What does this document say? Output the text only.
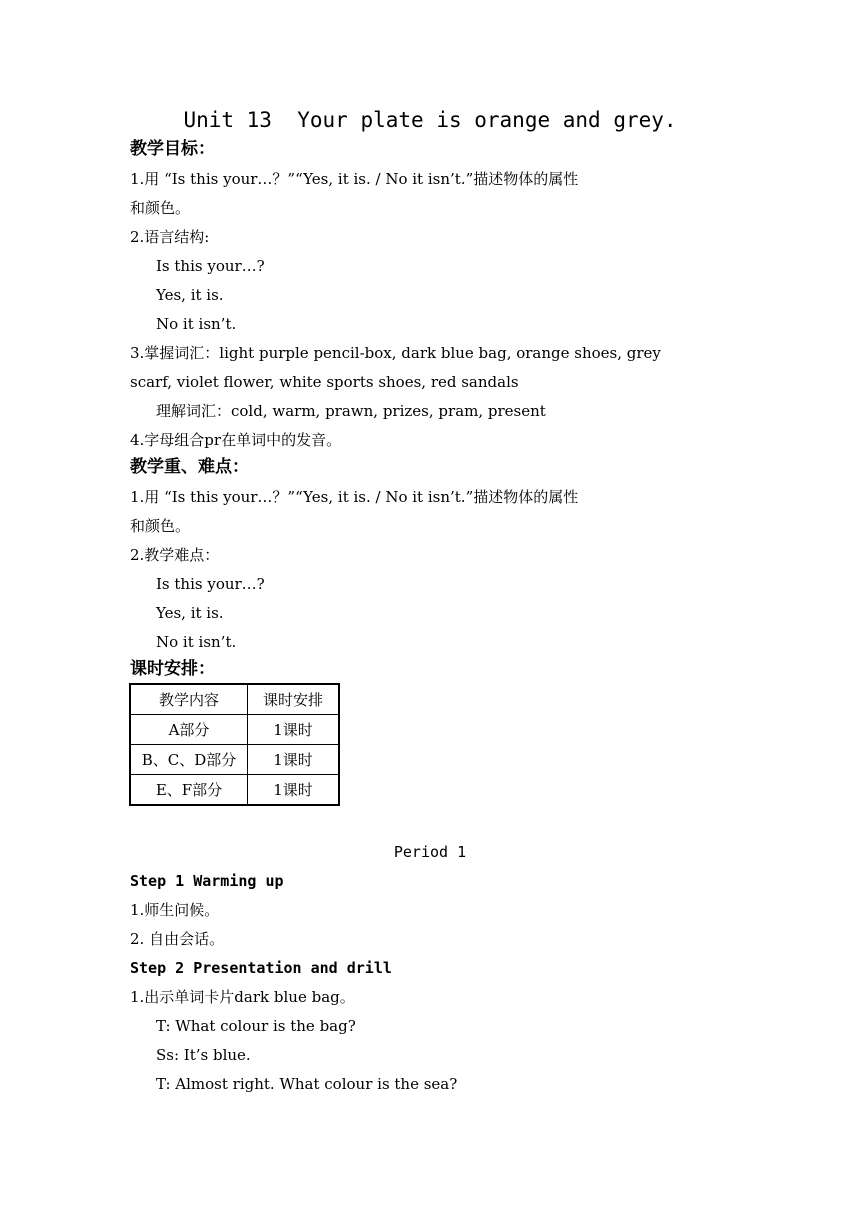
Unit 13  Your plate is orange and grey.
教学目标：
1.用 “Is this your…？”“Yes, it is. / No it isn’t.”描述物体的属性
和颜色。
2.语言结构:
Is this your…?
Yes, it is.
No it isn’t.
3.掌握词汇：light purple pencil-box, dark blue bag, orange shoes, grey
scarf, violet flower, white sports shoes, red sandals
理解词汇：cold, warm, prawn, prizes, pram, present
4.字母组合pr在单词中的发音。
教学重、难点：
1.用 “Is this your…？”“Yes, it is. / No it isn’t.”描述物体的属性
和颜色。
2.教学难点：
Is this your…?
Yes, it is.
No it isn’t.
课时安排：
教学内容	课时安排
A部分	1课时
B、C、D部分	1课时
E、F部分	1课时
Period 1
Step 1 Warming up
1.师生问候。
2. 自由会话。
Step 2 Presentation and drill
1.出示单词卡片dark blue bag。
T: What colour is the bag?
Ss: It’s blue.
T: Almost right. What colour is the sea?
